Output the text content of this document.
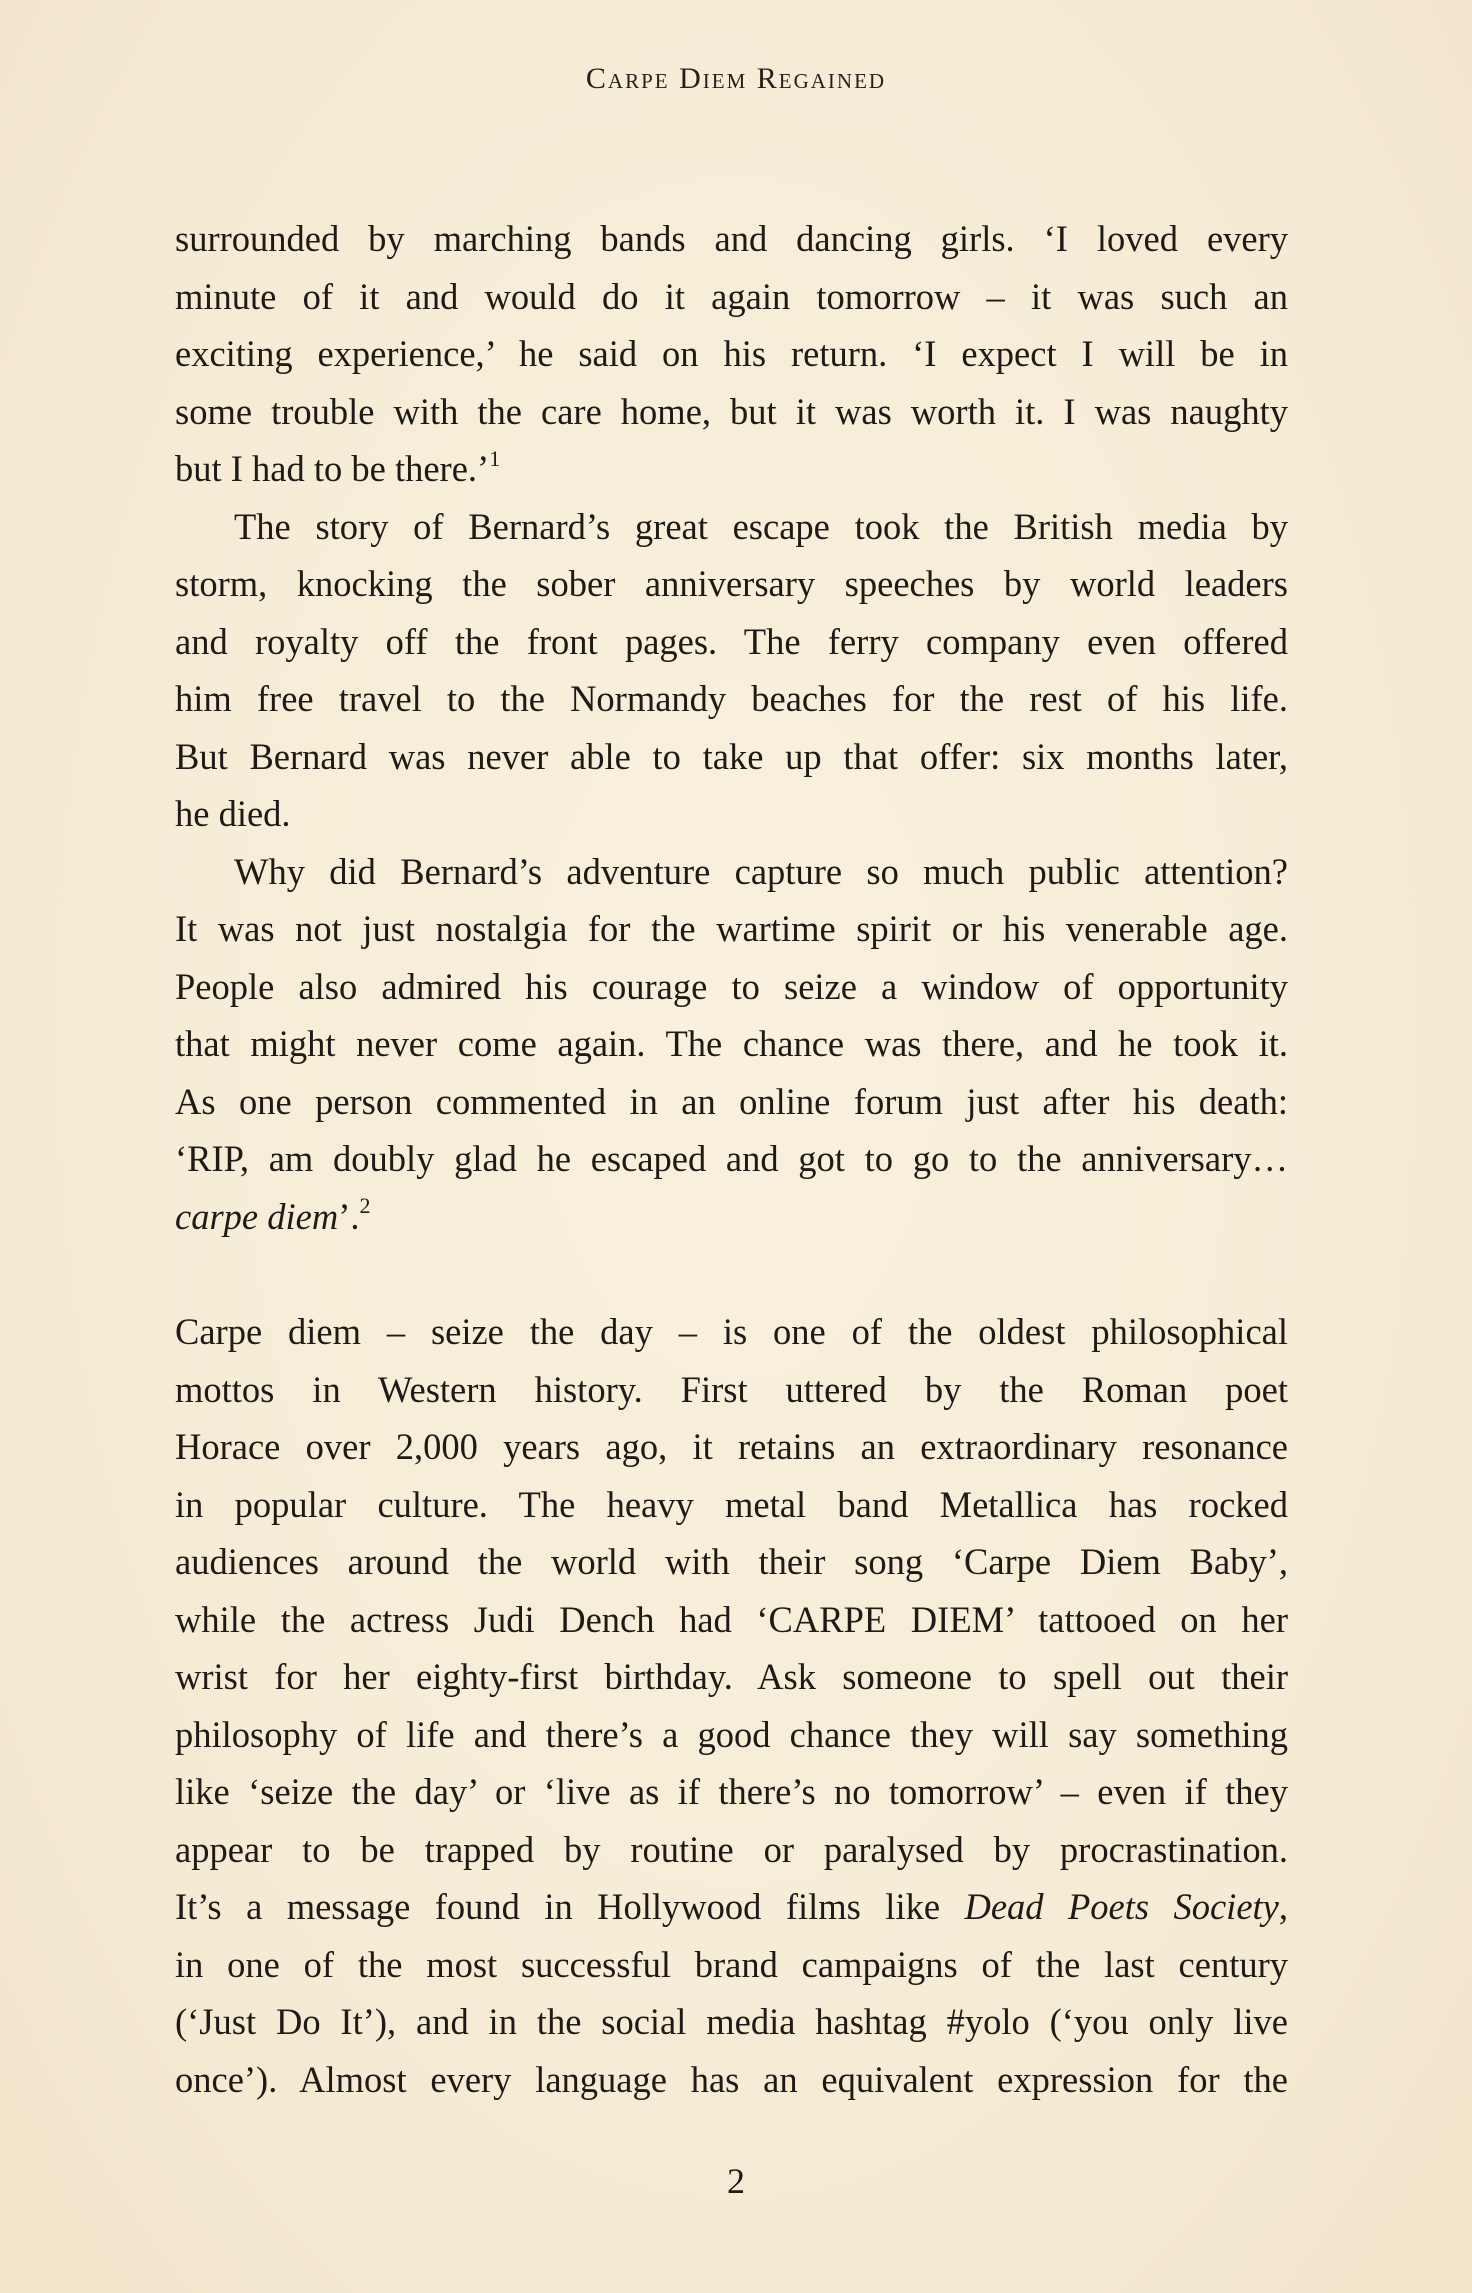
Carpe Diem Regained

surrounded by marching bands and dancing girls. ‘I loved every
minute of it and would do it again tomorrow – it was such an
exciting experience,’ he said on his return. ‘I expect I will be in
some trouble with the care home, but it was worth it. I was naughty
but I had to be there.’$^1$

The story of Bernard’s great escape took the British media by
storm, knocking the sober anniversary speeches by world leaders
and royalty off the front pages. The ferry company even offered
him free travel to the Normandy beaches for the rest of his life.
But Bernard was never able to take up that offer: six months later,
he died.

Why did Bernard’s adventure capture so much public attention?
It was not just nostalgia for the wartime spirit or his venerable age.
People also admired his courage to seize a window of opportunity
that might never come again. The chance was there, and he took it.
As one person commented in an online forum just after his death:
‘RIP, am doubly glad he escaped and got to go to the anniversary…
carpe diem’.$^2$

Carpe diem – seize the day – is one of the oldest philosophical
mottos in Western history. First uttered by the Roman poet
Horace over 2,000 years ago, it retains an extraordinary resonance
in popular culture. The heavy metal band Metallica has rocked
audiences around the world with their song ‘Carpe Diem Baby’,
while the actress Judi Dench had ‘CARPE DIEM’ tattooed on her
wrist for her eighty-first birthday. Ask someone to spell out their
philosophy of life and there’s a good chance they will say something
like ‘seize the day’ or ‘live as if there’s no tomorrow’ – even if they
appear to be trapped by routine or paralysed by procrastination.
It’s a message found in Hollywood films like Dead Poets Society,
in one of the most successful brand campaigns of the last century
(‘Just Do It’), and in the social media hashtag #yolo (‘you only live
once’). Almost every language has an equivalent expression for the

2
